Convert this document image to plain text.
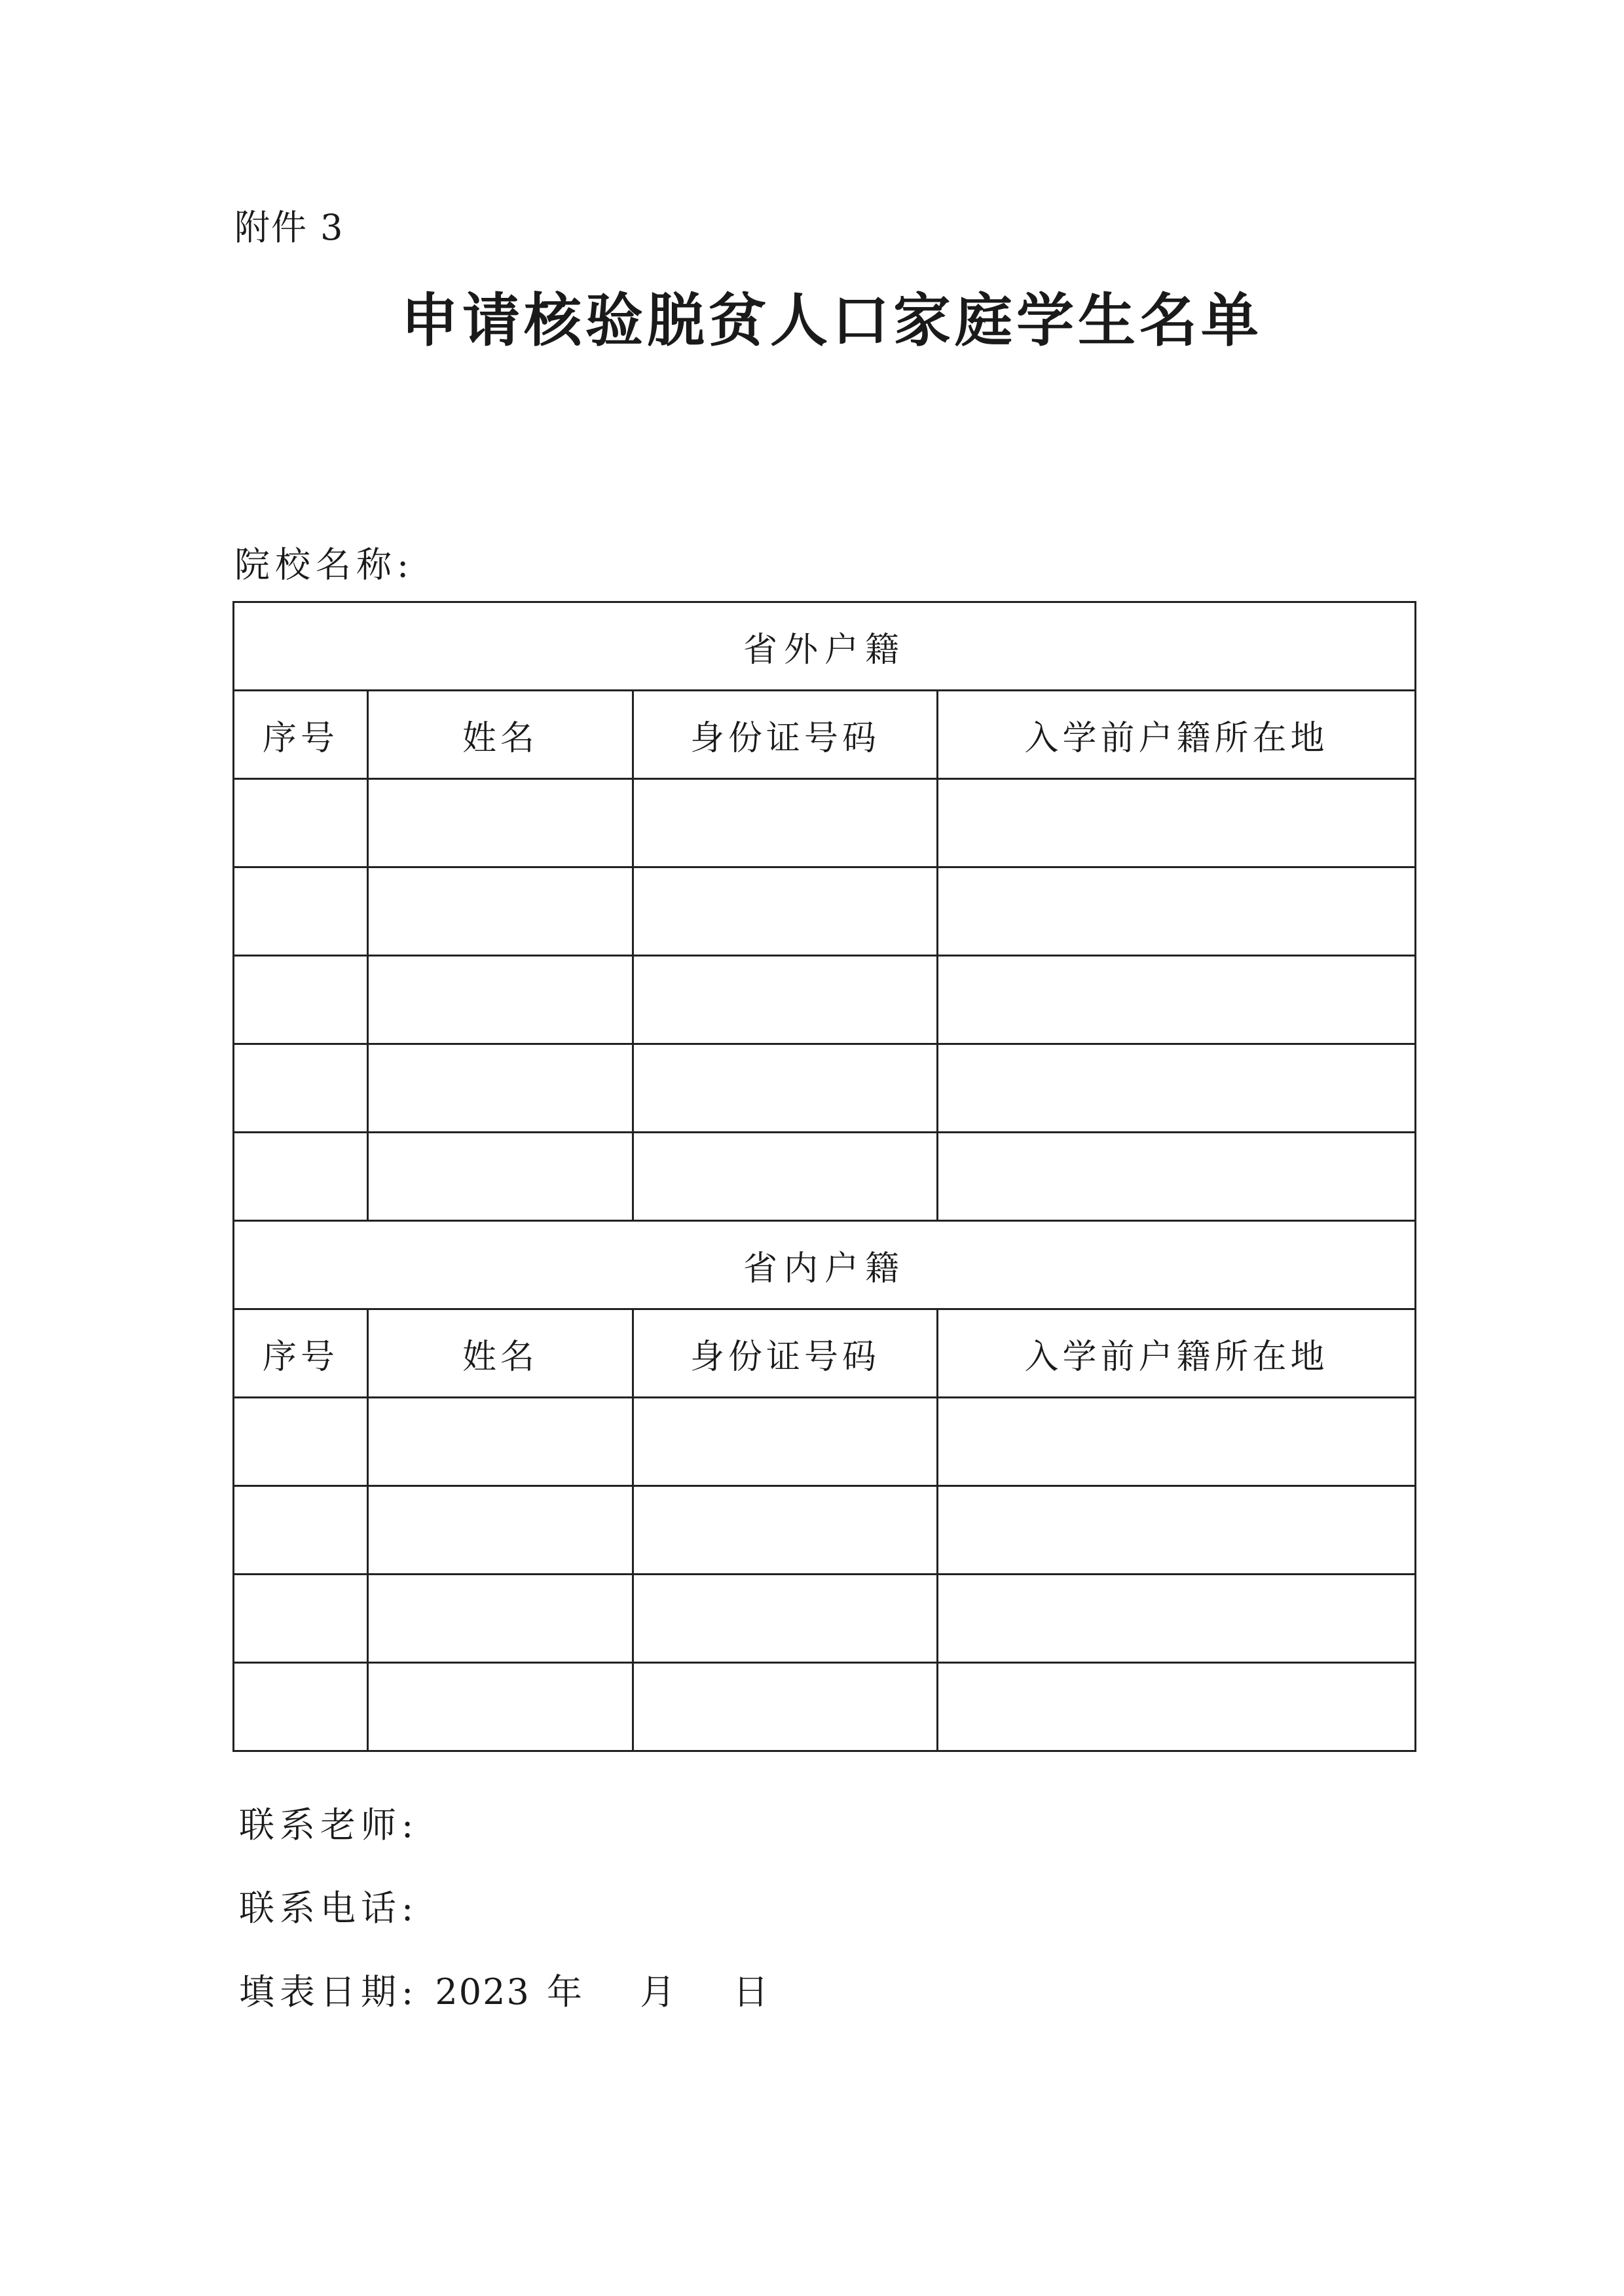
附件 3
申请核验脱贫人口家庭学生名单
院校名称:
省外户籍			
序号	姓名	身份证号码	入学前户籍所在地

省内户籍			
序号	姓名	身份证号码	入学前户籍所在地

联系老师:
联系电话:
填表日期: 2023 年 月 日
